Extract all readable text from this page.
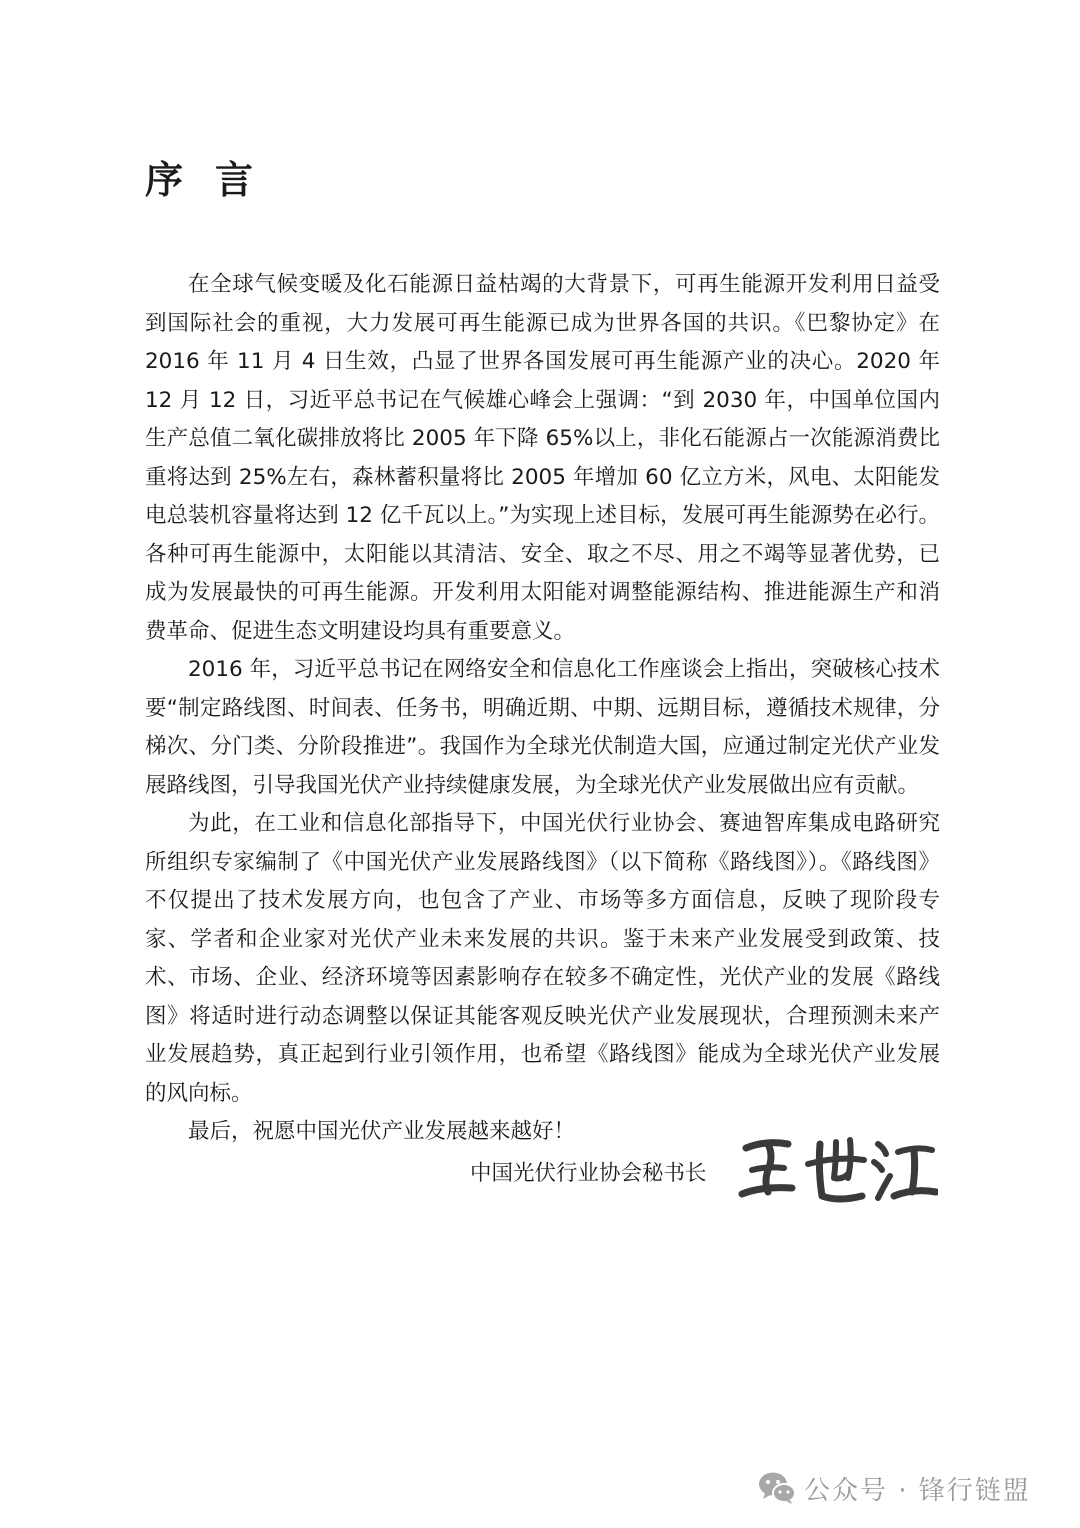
序言

在全球气候变暖及化石能源日益枯竭的大背景下，可再生能源开发利用日益受到国际社会的重视，大力发展可再生能源已成为世界各国的共识。《巴黎协定》在2016 年 11 月 4 日生效，凸显了世界各国发展可再生能源产业的决心。2020 年 12 月 12 日，习近平总书记在气候雄心峰会上强调：“到 2030 年，中国单位国内生产总值二氧化碳排放将比 2005 年下降 65%以上，非化石能源占一次能源消费比重将达到 25%左右，森林蓄积量将比 2005 年增加 60 亿立方米，风电、太阳能发电总装机容量将达到 12 亿千瓦以上。”为实现上述目标，发展可再生能源势在必行。各种可再生能源中，太阳能以其清洁、安全、取之不尽、用之不竭等显著优势，已成为发展最快的可再生能源。开发利用太阳能对调整能源结构、推进能源生产和消费革命、促进生态文明建设均具有重要意义。

2016 年，习近平总书记在网络安全和信息化工作座谈会上指出，突破核心技术要“制定路线图、时间表、任务书，明确近期、中期、远期目标，遵循技术规律，分梯次、分门类、分阶段推进”。我国作为全球光伏制造大国，应通过制定光伏产业发展路线图，引导我国光伏产业持续健康发展，为全球光伏产业发展做出应有贡献。

为此，在工业和信息化部指导下，中国光伏行业协会、赛迪智库集成电路研究所组织专家编制了《中国光伏产业发展路线图》（以下简称《路线图》）。《路线图》不仅提出了技术发展方向，也包含了产业、市场等多方面信息，反映了现阶段专家、学者和企业家对光伏产业未来发展的共识。鉴于未来产业发展受到政策、技术、市场、企业、经济环境等因素影响存在较多不确定性，光伏产业的发展《路线图》将适时进行动态调整以保证其能客观反映光伏产业发展现状，合理预测未来产业发展趋势，真正起到行业引领作用，也希望《路线图》能成为全球光伏产业发展的风向标。

最后，祝愿中国光伏产业发展越来越好！

中国光伏行业协会秘书长
公众号 · 锋行链盟
